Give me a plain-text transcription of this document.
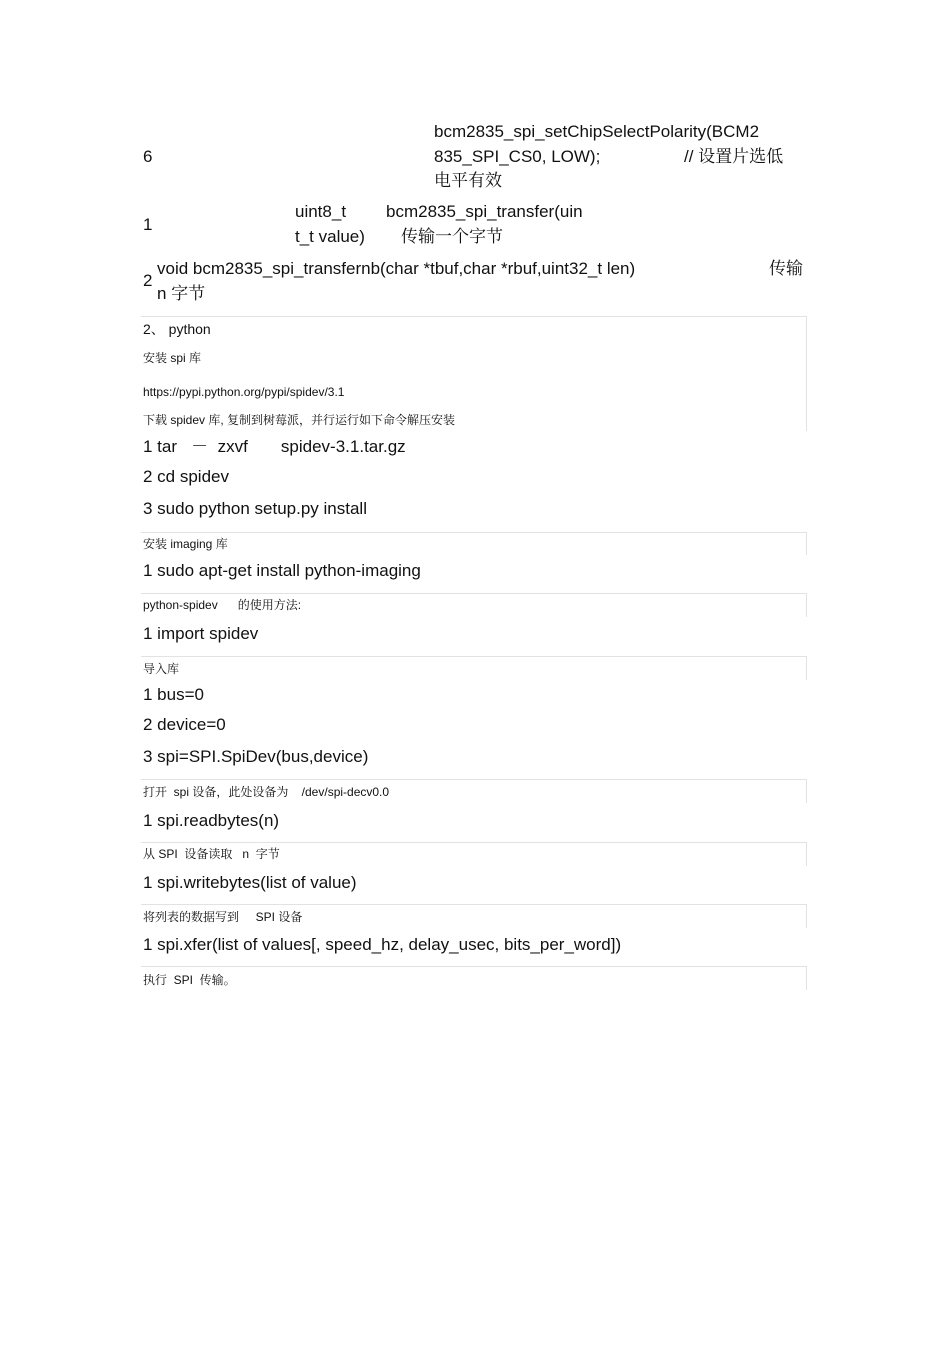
6
bcm2835_spi_setChipSelectPolarity(BCM2
835_SPI_CS0, LOW);	// 设置片选低
电平有效
1
uint8_t
t_t value)
bcm2835_spi_transfer(uin
传输一个字节
2
void bcm2835_spi_transfernb(char *tbuf,char *rbuf,uint32_t len)	传输
n 字节
2、 python
安装 spi 库
https://pypi.python.org/pypi/spidev/3.1
下载 spidev 库, 复制到树莓派，并行运行如下命令解压安装
1 tar   －  zxvf       spidev-3.1.tar.gz
2 cd spidev
3 sudo python setup.py install
安装 imaging 库
1 sudo apt-get install python-imaging
python-spidev      的使用方法:
1 import spidev
导入库
1 bus=0
2 device=0
3 spi=SPI.SpiDev(bus,device)
打开  spi 设备，此处设备为    /dev/spi-decv0.0
1 spi.readbytes(n)
从 SPI  设备读取   n  字节
1 spi.writebytes(list of value)
将列表的数据写到     SPI 设备
1 spi.xfer(list of values[, speed_hz, delay_usec, bits_per_word])
执行  SPI  传输。
